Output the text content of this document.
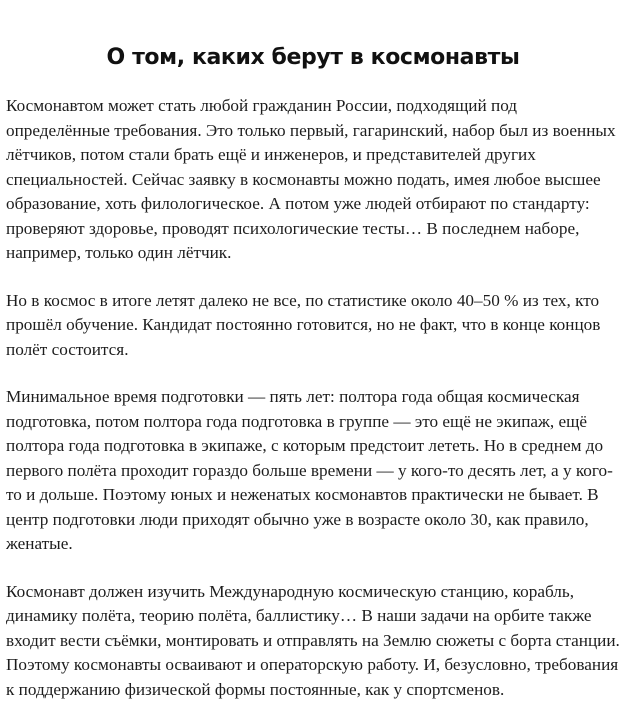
О том, каких берут в космонавты

Космонавтом может стать любой гражданин России, подходящий под определённые требования. Это только первый, гагаринский, набор был из военных лётчиков, потом стали брать ещё и инженеров, и представителей других специальностей. Сейчас заявку в космонавты можно подать, имея любое высшее образование, хоть филологическое. А потом уже людей отбирают по стандарту: проверяют здоровье, проводят психологические тесты… В последнем наборе, например, только один лётчик.

Но в космос в итоге летят далеко не все, по статистике около 40–50 % из тех, кто прошёл обучение. Кандидат постоянно готовится, но не факт, что в конце концов полёт состоится.

Минимальное время подготовки — пять лет: полтора года общая космическая подготовка, потом полтора года подготовка в группе — это ещё не экипаж, ещё полтора года подготовка в экипаже, с которым предстоит лететь. Но в среднем до первого полёта проходит гораздо больше времени — у кого-то десять лет, а у кого-то и дольше. Поэтому юных и неженатых космонавтов практически не бывает. В центр подготовки люди приходят обычно уже в возрасте около 30, как правило, женатые.

Космонавт должен изучить Международную космическую станцию, корабль, динамику полёта, теорию полёта, баллистику… В наши задачи на орбите также входит вести съёмки, монтировать и отправлять на Землю сюжеты с борта станции. Поэтому космонавты осваивают и операторскую работу. И, безусловно, требования к поддержанию физической формы постоянные, как у спортсменов.
